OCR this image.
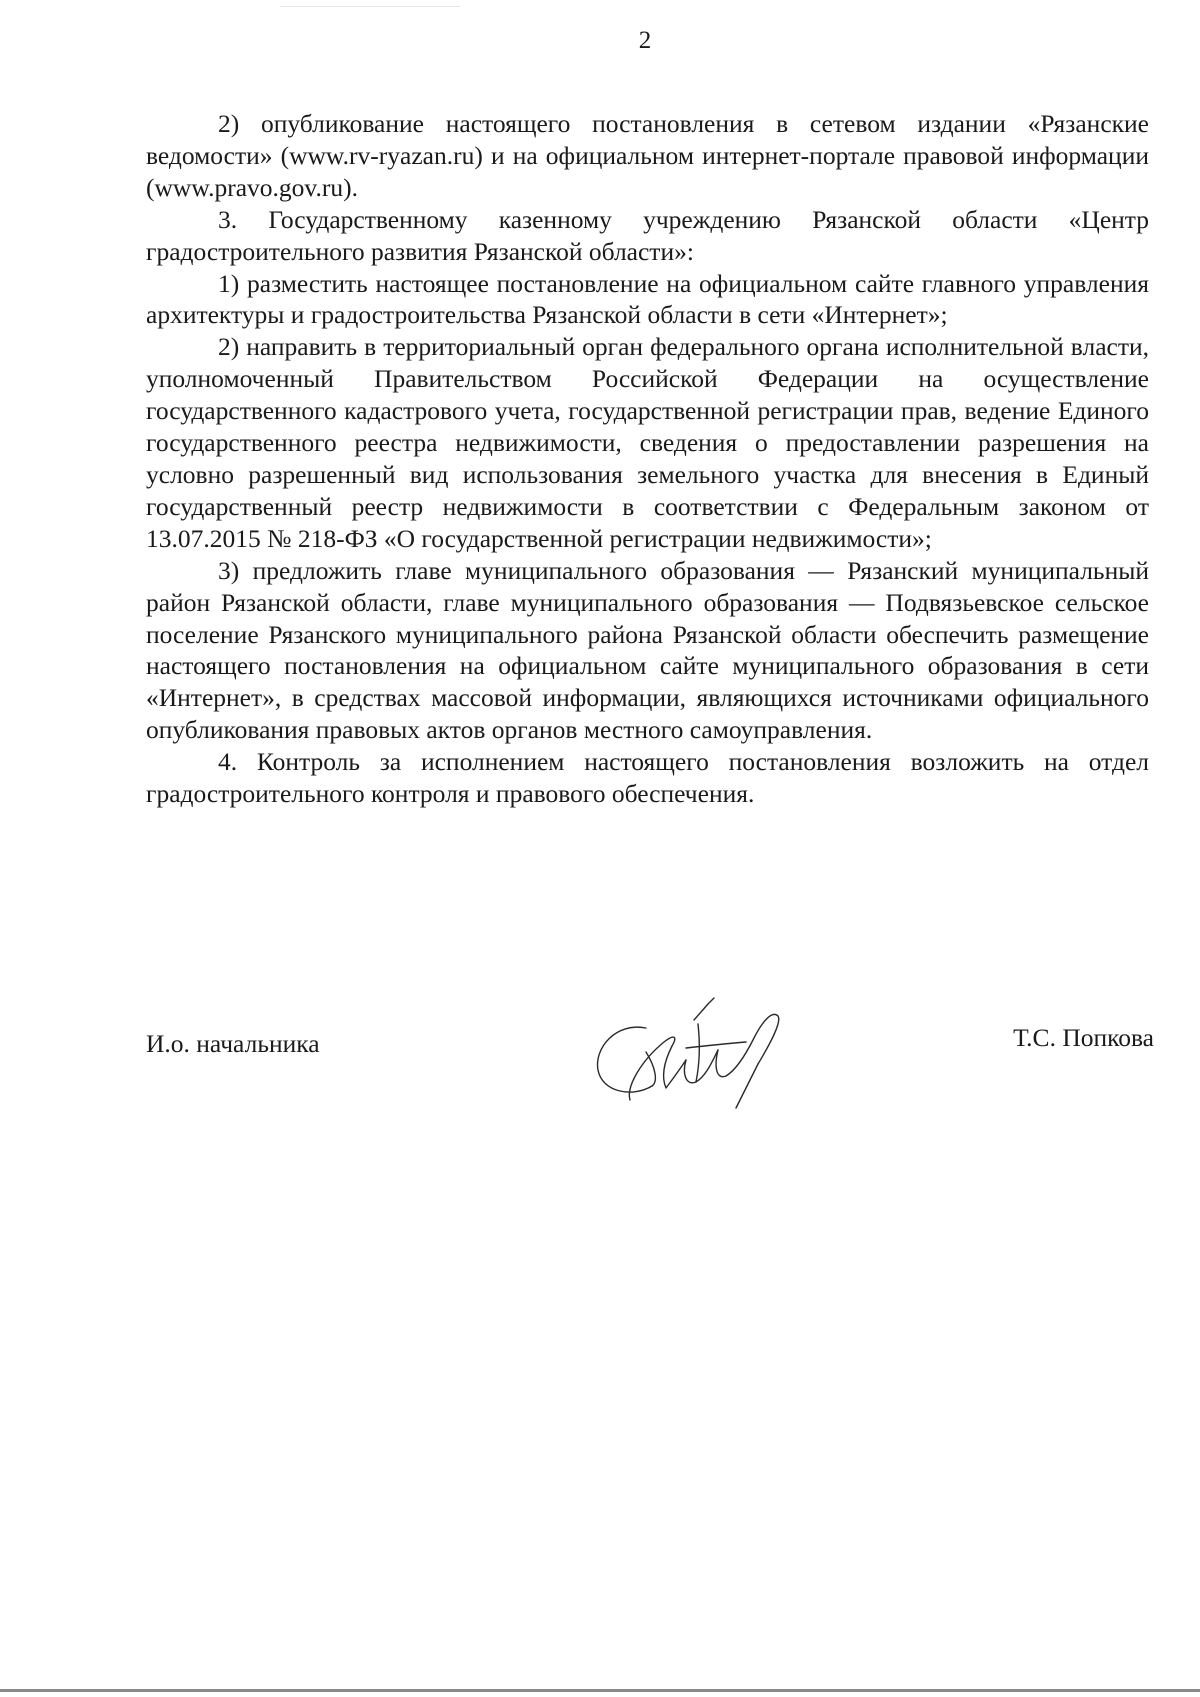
2

2) опубликование настоящего постановления в сетевом издании «Рязанские ведомости» (www.rv-ryazan.ru) и на официальном интернет-портале правовой информации (www.pravo.gov.ru).

3. Государственному казенному учреждению Рязанской области «Центр градостроительного развития Рязанской области»:

1) разместить настоящее постановление на официальном сайте главного управления архитектуры и градостроительства Рязанской области в сети «Интернет»;

2) направить в территориальный орган федерального органа исполнительной власти, уполномоченный Правительством Российской Федерации на осуществление государственного кадастрового учета, государственной регистрации прав, ведение Единого государственного реестра недвижимости, сведения о предоставлении разрешения на условно разрешенный вид использования земельного участка для внесения в Единый государственный реестр недвижимости в соответствии с Федеральным законом от 13.07.2015 № 218-ФЗ «О государственной регистрации недвижимости»;

3) предложить главе муниципального образования — Рязанский муниципальный район Рязанской области, главе муниципального образования — Подвязьевское сельское поселение Рязанского муниципального района Рязанской области обеспечить размещение настоящего постановления на официальном сайте муниципального образования в сети «Интернет», в средствах массовой информации, являющихся источниками официального опубликования правовых актов органов местного самоуправления.

4. Контроль за исполнением настоящего постановления возложить на отдел градостроительного контроля и правового обеспечения.

И.о. начальника	Т.С. Попкова
